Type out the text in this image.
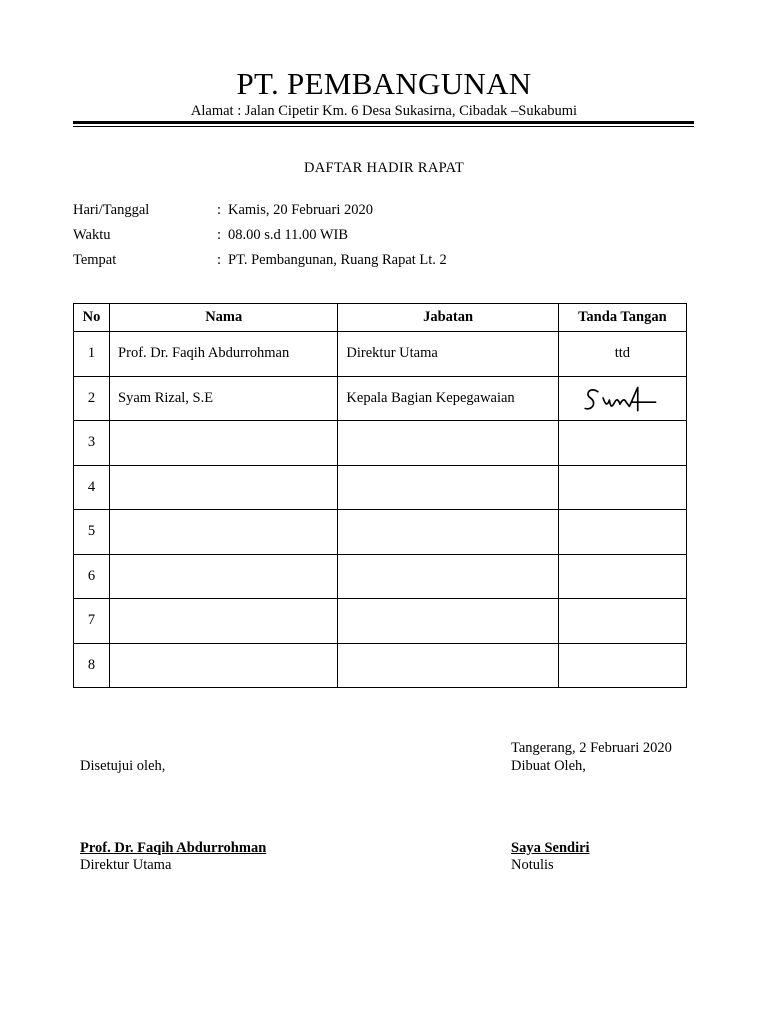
PT. PEMBANGUNAN
Alamat : Jalan Cipetir Km. 6 Desa Sukasirna, Cibadak –Sukabumi
DAFTAR HADIR RAPAT
Hari/Tanggal	: Kamis, 20 Februari 2020
Waktu	: 08.00 s.d 11.00 WIB
Tempat	: PT. Pembangunan, Ruang Rapat Lt. 2
No	Nama	Jabatan	Tanda Tangan
1	Prof. Dr. Faqih Abdurrohman	Direktur Utama	ttd
2	Syam Rizal, S.E	Kepala Bagian Kepegawaian	

3			
4			
5			
6			
7			
8			
Tangerang, 2 Februari 2020
Disetujui oleh,	Dibuat Oleh,
Prof. Dr. Faqih Abdurrohman
Direktur Utama
Saya Sendiri
Notulis
